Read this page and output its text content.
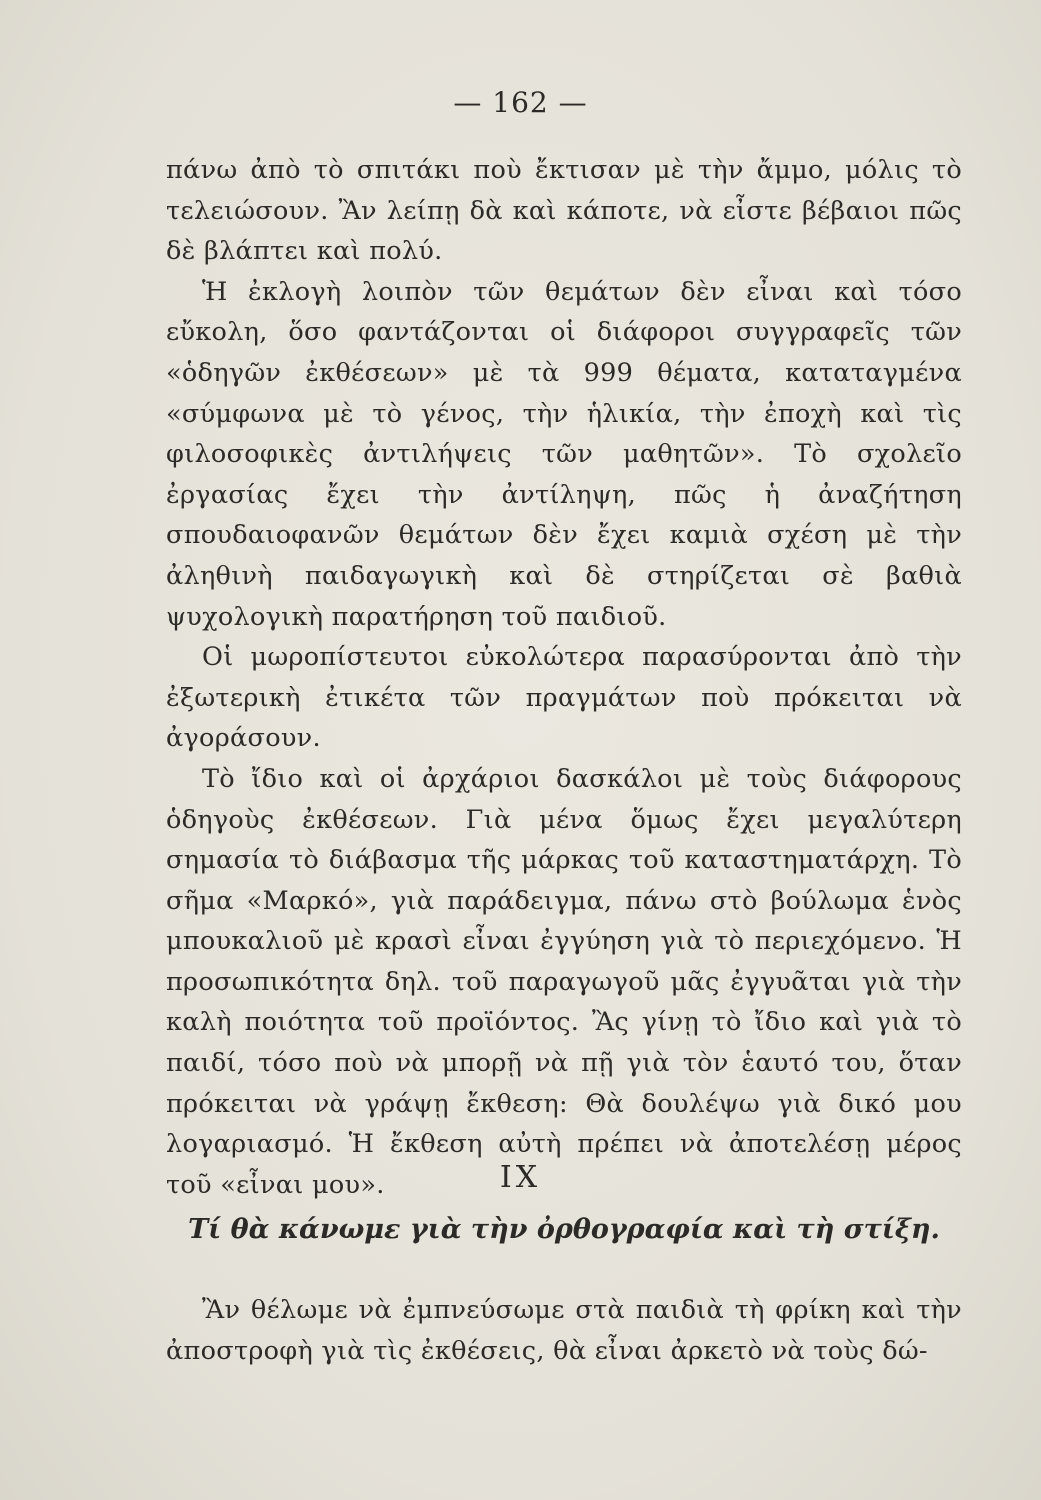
— 162 —

πάνω ἀπὸ τὸ σπιτάκι ποὺ ἔκτισαν μὲ τὴν ἄμμο, μόλις τὸ τελειώσουν. Ἂν λείπῃ δὰ καὶ κάποτε, νὰ εἶστε βέβαιοι πῶς δὲ βλάπτει καὶ πολύ.

Ἡ ἐκλογὴ λοιπὸν τῶν θεμάτων δὲν εἶναι καὶ τόσο εὔκολη, ὅσο φαντάζονται οἱ διάφοροι συγγραφεῖς τῶν «ὁδηγῶν ἐκθέσεων» μὲ τὰ 999 θέματα, καταταγμένα «σύμφωνα μὲ τὸ γένος, τὴν ἡλικία, τὴν ἐποχὴ καὶ τὶς φιλοσοφικὲς ἀντιλήψεις τῶν μαθητῶν». Τὸ σχολεῖο ἐργασίας ἔχει τὴν ἀντίληψη, πῶς ἡ ἀναζήτηση σπουδαιοφανῶν θεμάτων δὲν ἔχει καμιὰ σχέση μὲ τὴν ἀληθινὴ παιδαγωγικὴ καὶ δὲ στηρίζεται σὲ βαθιὰ ψυχολογικὴ παρατήρηση τοῦ παιδιοῦ.

Οἱ μωροπίστευτοι εὐκολώτερα παρασύρονται ἀπὸ τὴν ἐξωτερικὴ ἐτικέτα τῶν πραγμάτων ποὺ πρόκειται νὰ ἀγοράσουν.

Τὸ ἴδιο καὶ οἱ ἀρχάριοι δασκάλοι μὲ τοὺς διάφορους ὁδηγοὺς ἐκθέσεων. Γιὰ μένα ὅμως ἔχει μεγαλύτερη σημασία τὸ διάβασμα τῆς μάρκας τοῦ καταστηματάρχη. Τὸ σῆμα «Μαρκό», γιὰ παράδειγμα, πάνω στὸ βούλωμα ἑνὸς μπουκαλιοῦ μὲ κρασὶ εἶναι ἐγγύηση γιὰ τὸ περιεχόμενο. Ἡ προσωπικότητα δηλ. τοῦ παραγωγοῦ μᾶς ἐγγυᾶται γιὰ τὴν καλὴ ποιότητα τοῦ προϊόντος. Ἂς γίνῃ τὸ ἴδιο καὶ γιὰ τὸ παιδί, τόσο ποὺ νὰ μπορῇ νὰ πῇ γιὰ τὸν ἑαυτό του, ὅταν πρόκειται νὰ γράψῃ ἔκθεση: Θὰ δουλέψω γιὰ δικό μου λογαριασμό. Ἡ ἔκθεση αὐτὴ πρέπει νὰ ἀποτελέσῃ μέρος τοῦ «εἶναι μου».	IX
Τί θὰ κάνωμε γιὰ τὴν ὀρθογραφία καὶ τὴ στίξη.

Ἂν θέλωμε νὰ ἐμπνεύσωμε στὰ παιδιὰ τὴ φρίκη καὶ τὴν ἀποστροφὴ γιὰ τὶς ἐκθέσεις, θὰ εἶναι ἀρκετὸ νὰ τοὺς δώ-
